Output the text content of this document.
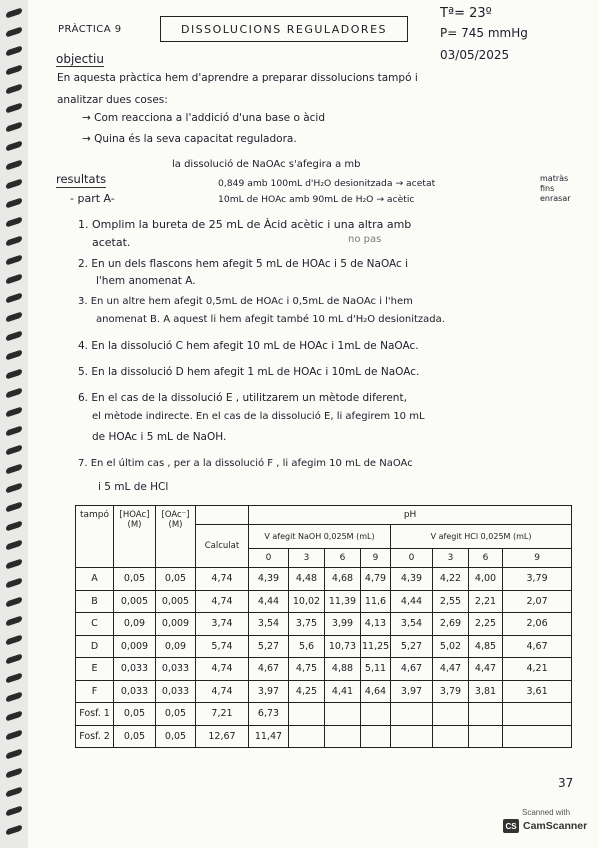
PRÀCTICA 9	DISSOLUCIONS REGULADORES
Tª= 23º
P= 745 mmHg
03/05/2025
objectiu
En aquesta pràctica hem d'aprendre a preparar dissolucions tampó i
analitzar dues coses:
→ Com reacciona a l'addició d'una base o àcid
→ Quina és la seva capacitat reguladora.
la dissolució de NaOAc s'afegira a mb
resultats
- part A-
0,849 amb 100mL d'H₂O desionitzada → acetat
10mL de HOAc amb 90mL de H₂O → acètic
matràs fins enrasar
1. Omplim la bureta de 25 mL de Àcid acètic i una altra amb
acetat.	no pas
2. En un dels flascons hem afegit 5 mL de HOAc i 5 de NaOAc i
l'hem anomenat A.
3. En un altre hem afegit 0,5mL de HOAc i 0,5mL de NaOAc i l'hem
anomenat B. A aquest li hem afegit també 10 mL d'H₂O desionitzada.
4. En la dissolució C hem afegit 10 mL de HOAc i 1mL de NaOAc.
5. En la dissolució D hem afegit 1 mL de HOAc i 10mL de NaOAc.
6. En el cas de la dissolució E , utilitzarem un mètode diferent,
el mètode indirecte. En el cas de la dissolució E, li afegirem 10 mL
de HOAc i 5 mL de NaOH.
7. En el últim cas , per a la dissolució F , li afegim 10 mL de NaOAc
i 5 mL de HCl
tampó	[HOAc] (M)	[OAc⁻] (M)		pH							
			Calculat	V afegit NaOH 0,025M (mL)				V afegit HCl 0,025M (mL)			
				0	3	6	9	0	3	6	9
A	0,05	0,05	4,74	4,39	4,48	4,68	4,79	4,39	4,22	4,00	3,79
B	0,005	0,005	4,74	4,44	10,02	11,39	11,6	4,44	2,55	2,21	2,07
C	0,09	0,009	3,74	3,54	3,75	3,99	4,13	3,54	2,69	2,25	2,06
D	0,009	0,09	5,74	5,27	5,6	10,73	11,25	5,27	5,02	4,85	4,67
E	0,033	0,033	4,74	4,67	4,75	4,88	5,11	4,67	4,47	4,47	4,21
F	0,033	0,033	4,74	3,97	4,25	4,41	4,64	3,97	3,79	3,81	3,61
Fosf. 1	0,05	0,05	7,21	6,73							
Fosf. 2	0,05	0,05	12,67	11,47							
37
Scanned with
CS CamScanner
